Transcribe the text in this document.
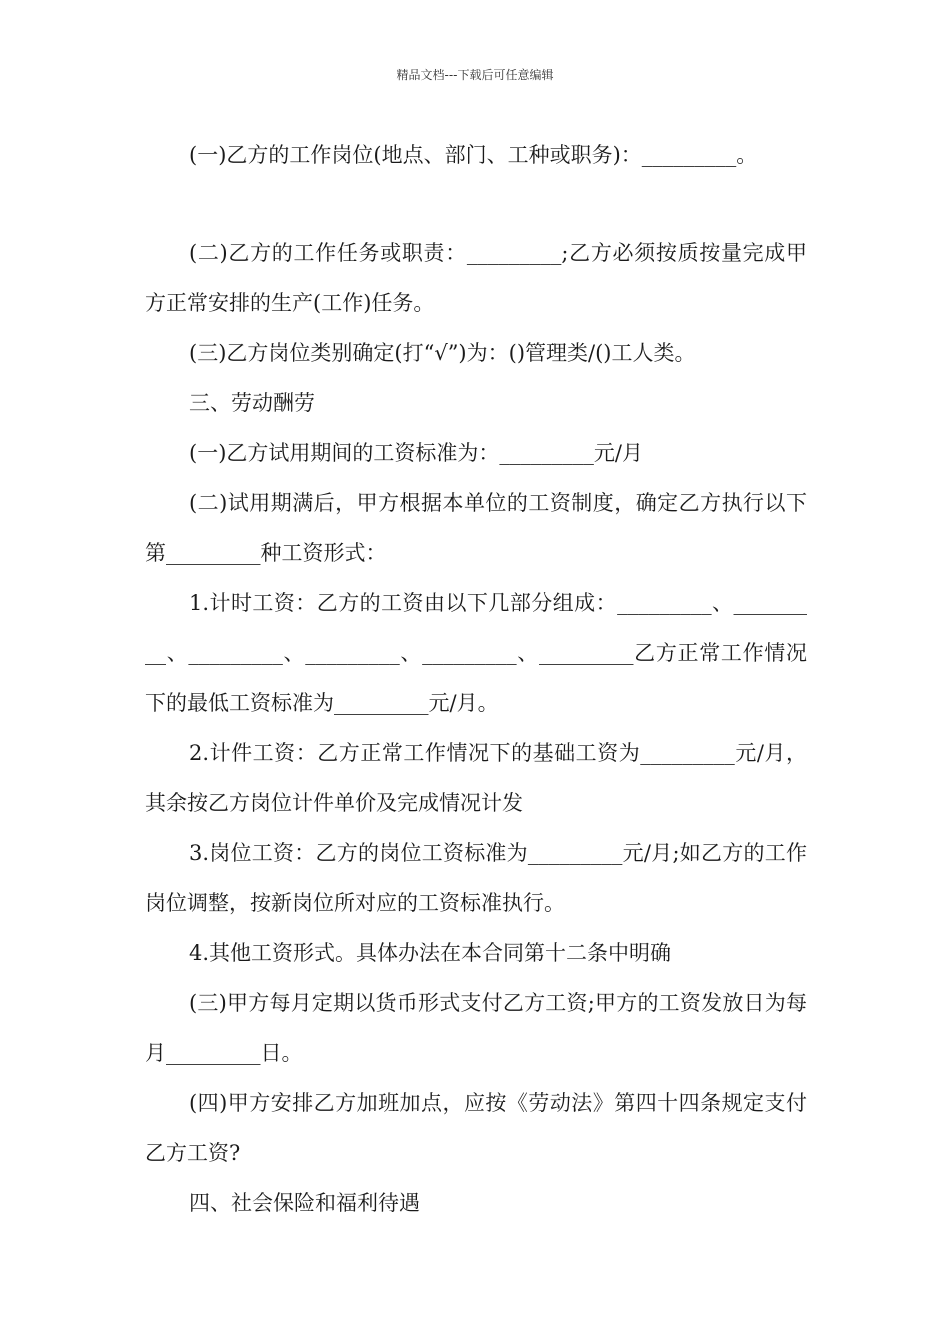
精品文档---下载后可任意编辑

(一)乙方的工作岗位(地点、部门、工种或职务)：_________。

(二)乙方的工作任务或职责：_________;乙方必须按质按量完成甲方正常安排的生产(工作)任务。

(三)乙方岗位类别确定(打“√”)为：()管理类/()工人类。

三、劳动酬劳

(一)乙方试用期间的工资标准为：_________元/月

(二)试用期满后，甲方根据本单位的工资制度，确定乙方执行以下第_________种工资形式：

1.计时工资：乙方的工资由以下几部分组成：_________、_________、_________、_________、_________、_________乙方正常工作情况下的最低工资标准为_________元/月。

2.计件工资：乙方正常工作情况下的基础工资为_________元/月，其余按乙方岗位计件单价及完成情况计发

3.岗位工资：乙方的岗位工资标准为_________元/月;如乙方的工作岗位调整，按新岗位所对应的工资标准执行。

4.其他工资形式。具体办法在本合同第十二条中明确

(三)甲方每月定期以货币形式支付乙方工资;甲方的工资发放日为每月_________日。

(四)甲方安排乙方加班加点，应按《劳动法》第四十四条规定支付乙方工资?

四、社会保险和福利待遇
